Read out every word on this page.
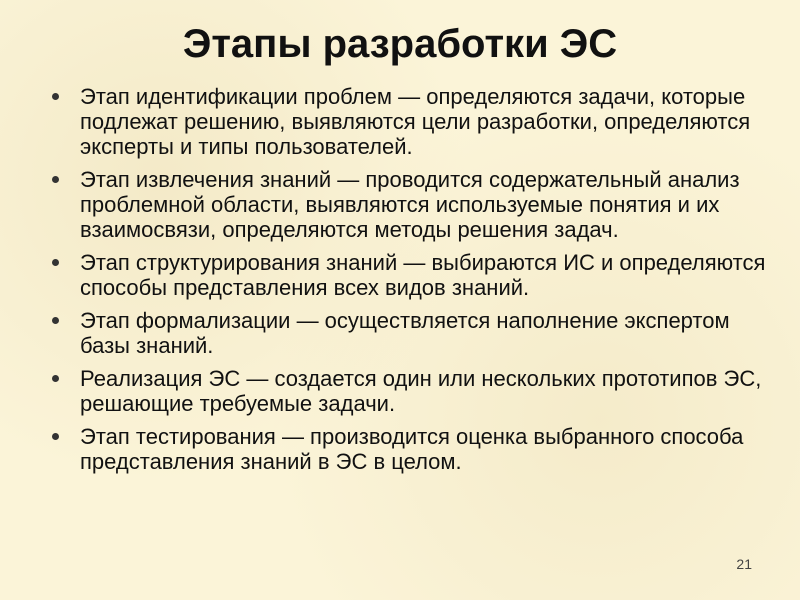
Этапы разработки ЭС
Этап идентификации проблем — определяются задачи, которые подлежат решению, выявляются цели разработки, определяются эксперты и типы пользователей.
Этап извлечения знаний — проводится содержательный анализ проблемной области, выявляются используемые понятия и их взаимосвязи, определяются методы решения задач.
Этап структурирования знаний — выбираются ИС и определяются способы представления всех видов знаний.
Этап формализации — осуществляется наполнение экспертом базы знаний.
Реализация ЭС — создается один или нескольких прототипов ЭС, решающие требуемые задачи.
Этап тестирования — производится оценка выбранного способа представления знаний в ЭС в целом.
21
